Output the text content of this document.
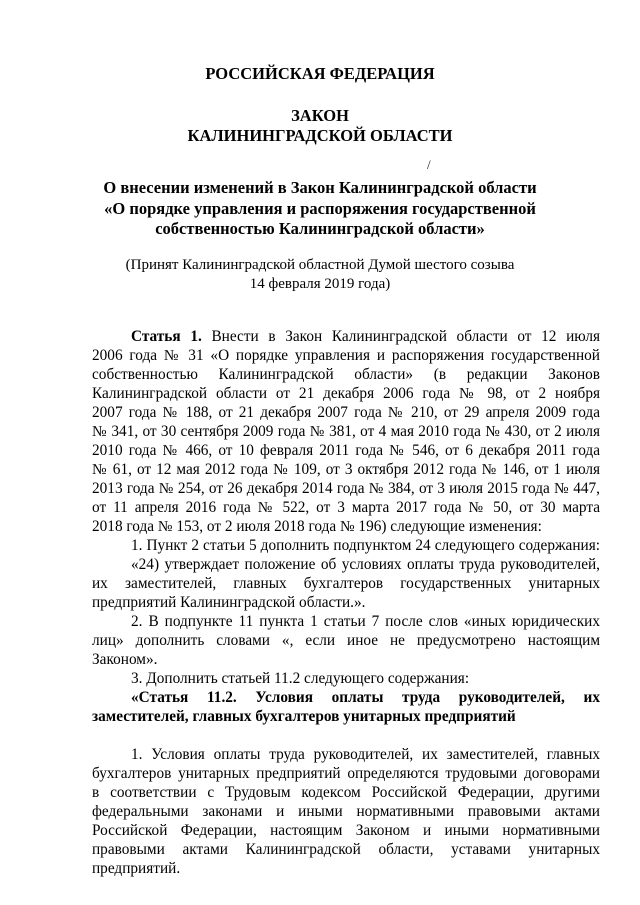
РОССИЙСКАЯ ФЕДЕРАЦИЯ
ЗАКОН
КАЛИНИНГРАДСКОЙ ОБЛАСТИ
/
О внесении изменений в Закон Калининградской области
«О порядке управления и распоряжения государственной
собственностью Калининградской области»
(Принят Калининградской областной Думой шестого созыва
14 февраля 2019 года)
Статья 1. Внести в Закон Калининградской области от 12 июля
2006 года № 31 «О порядке управления и распоряжения государственной
собственностью Калининградской области» (в редакции Законов
Калининградской области от 21 декабря 2006 года № 98, от 2 ноября
2007 года № 188, от 21 декабря 2007 года № 210, от 29 апреля 2009 года
№ 341, от 30 сентября 2009 года № 381, от 4 мая 2010 года № 430, от 2 июля
2010 года № 466, от 10 февраля 2011 года № 546, от 6 декабря 2011 года
№ 61, от 12 мая 2012 года № 109, от 3 октября 2012 года № 146, от 1 июля
2013 года № 254, от 26 декабря 2014 года № 384, от 3 июля 2015 года № 447,
от 11 апреля 2016 года № 522, от 3 марта 2017 года № 50, от 30 марта
2018 года № 153, от 2 июля 2018 года № 196) следующие изменения:
1. Пункт 2 статьи 5 дополнить подпунктом 24 следующего содержания:
«24) утверждает положение об условиях оплаты труда руководителей,
их заместителей, главных бухгалтеров государственных унитарных
предприятий Калининградской области.».
2. В подпункте 11 пункта 1 статьи 7 после слов «иных юридических
лиц» дополнить словами «, если иное не предусмотрено настоящим
Законом».
3. Дополнить статьей 11.2 следующего содержания:
«Статья 11.2. Условия оплаты труда руководителей, их
заместителей, главных бухгалтеров унитарных предприятий
1. Условия оплаты труда руководителей, их заместителей, главных
бухгалтеров унитарных предприятий определяются трудовыми договорами
в соответствии с Трудовым кодексом Российской Федерации, другими
федеральными законами и иными нормативными правовыми актами
Российской Федерации, настоящим Законом и иными нормативными
правовыми актами Калининградской области, уставами унитарных
предприятий.
